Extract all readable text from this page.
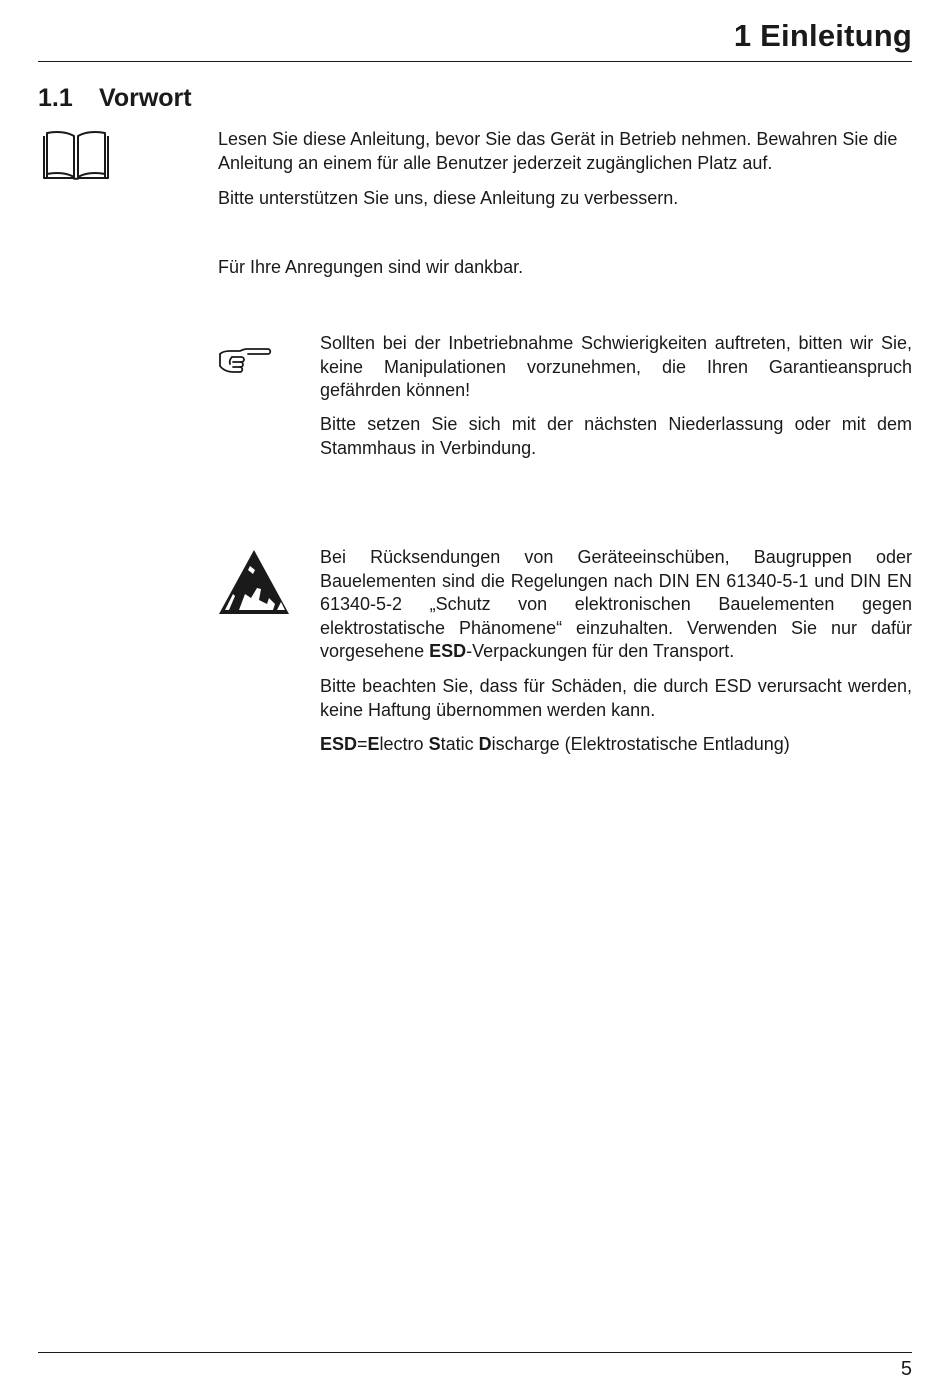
1 Einleitung
1.1 Vorwort

Lesen Sie diese Anleitung, bevor Sie das Gerät in Betrieb nehmen. Bewahren Sie die Anleitung an einem für alle Benutzer jederzeit zugänglichen Platz auf.

Bitte unterstützen Sie uns, diese Anleitung zu verbessern.

Für Ihre Anregungen sind wir dankbar.

Sollten bei der Inbetriebnahme Schwierigkeiten auftreten, bitten wir Sie, keine Manipulationen vorzunehmen, die Ihren Garantieanspruch gefährden können!

Bitte setzen Sie sich mit der nächsten Niederlassung oder mit dem Stammhaus in Verbindung.

Bei Rücksendungen von Geräteeinschüben, Baugruppen oder Bauelementen sind die Regelungen nach DIN EN 61340-5-1 und DIN EN 61340-5-2 „Schutz von elektronischen Bauelementen gegen elektrostatische Phänomene“ einzuhalten. Verwenden Sie nur dafür vorgesehene ESD-Verpackungen für den Transport.

Bitte beachten Sie, dass für Schäden, die durch ESD verursacht werden, keine Haftung übernommen werden kann.

ESD=Electro Static Discharge (Elektrostatische Entladung)

5
